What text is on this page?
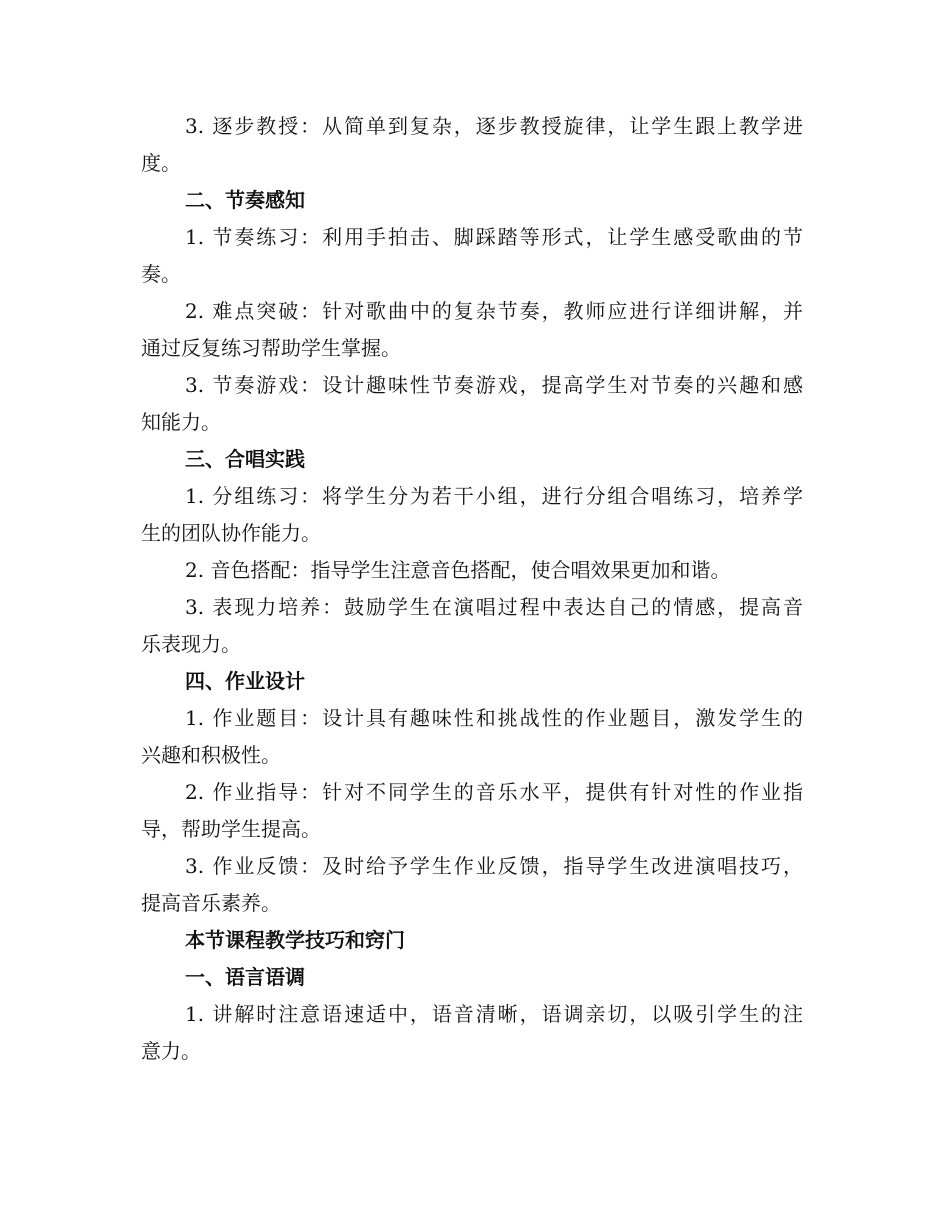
3. 逐步教授：从简单到复杂，逐步教授旋律，让学生跟上教学进
度。

二、节奏感知

1. 节奏练习：利用手拍击、脚踩踏等形式，让学生感受歌曲的节
奏。

2. 难点突破：针对歌曲中的复杂节奏，教师应进行详细讲解，并
通过反复练习帮助学生掌握。

3. 节奏游戏：设计趣味性节奏游戏，提高学生对节奏的兴趣和感
知能力。

三、合唱实践

1. 分组练习：将学生分为若干小组，进行分组合唱练习，培养学
生的团队协作能力。

2. 音色搭配：指导学生注意音色搭配，使合唱效果更加和谐。

3. 表现力培养：鼓励学生在演唱过程中表达自己的情感，提高音
乐表现力。

四、作业设计

1. 作业题目：设计具有趣味性和挑战性的作业题目，激发学生的
兴趣和积极性。

2. 作业指导：针对不同学生的音乐水平，提供有针对性的作业指
导，帮助学生提高。

3. 作业反馈：及时给予学生作业反馈，指导学生改进演唱技巧，
提高音乐素养。

本节课程教学技巧和窍门
一、语言语调

1. 讲解时注意语速适中，语音清晰，语调亲切，以吸引学生的注
意力。
